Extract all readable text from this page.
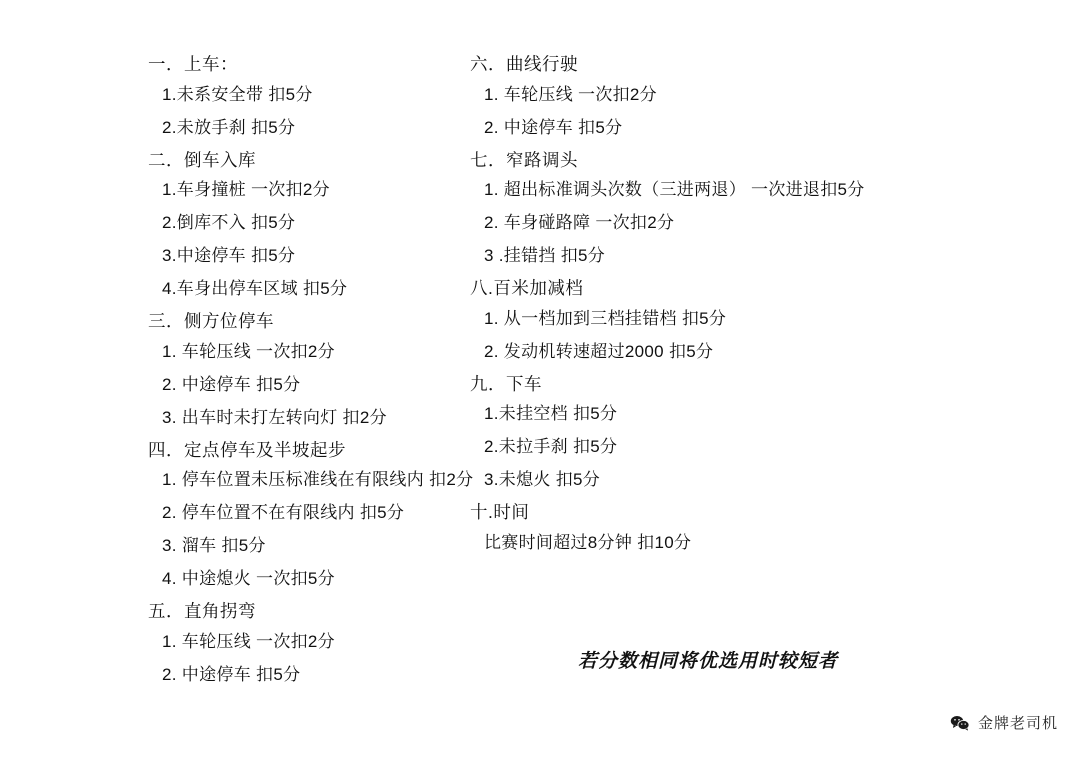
一．上车：

1.未系安全带 扣5分

2.未放手刹 扣5分

二．倒车入库

1.车身撞桩 一次扣2分

2.倒库不入 扣5分

3.中途停车 扣5分

4.车身出停车区域 扣5分

三．侧方位停车

1. 车轮压线 一次扣2分

2. 中途停车 扣5分

3. 出车时未打左转向灯 扣2分

四．定点停车及半坡起步

1. 停车位置未压标准线在有限线内 扣2分

2. 停车位置不在有限线内 扣5分

3. 溜车 扣5分

4. 中途熄火 一次扣5分

五．直角拐弯

1. 车轮压线 一次扣2分

2. 中途停车 扣5分

六．曲线行驶

1. 车轮压线 一次扣2分

2. 中途停车 扣5分

七．窄路调头

1. 超出标准调头次数（三进两退） 一次进退扣5分

2. 车身碰路障 一次扣2分

3 .挂错挡 扣5分

八.百米加减档

1. 从一档加到三档挂错档 扣5分

2. 发动机转速超过2000 扣5分

九．下车

1.未挂空档 扣5分

2.未拉手刹 扣5分

3.未熄火 扣5分

十.时间

比赛时间超过8分钟 扣10分

若分数相同将优选用时较短者

金牌老司机
